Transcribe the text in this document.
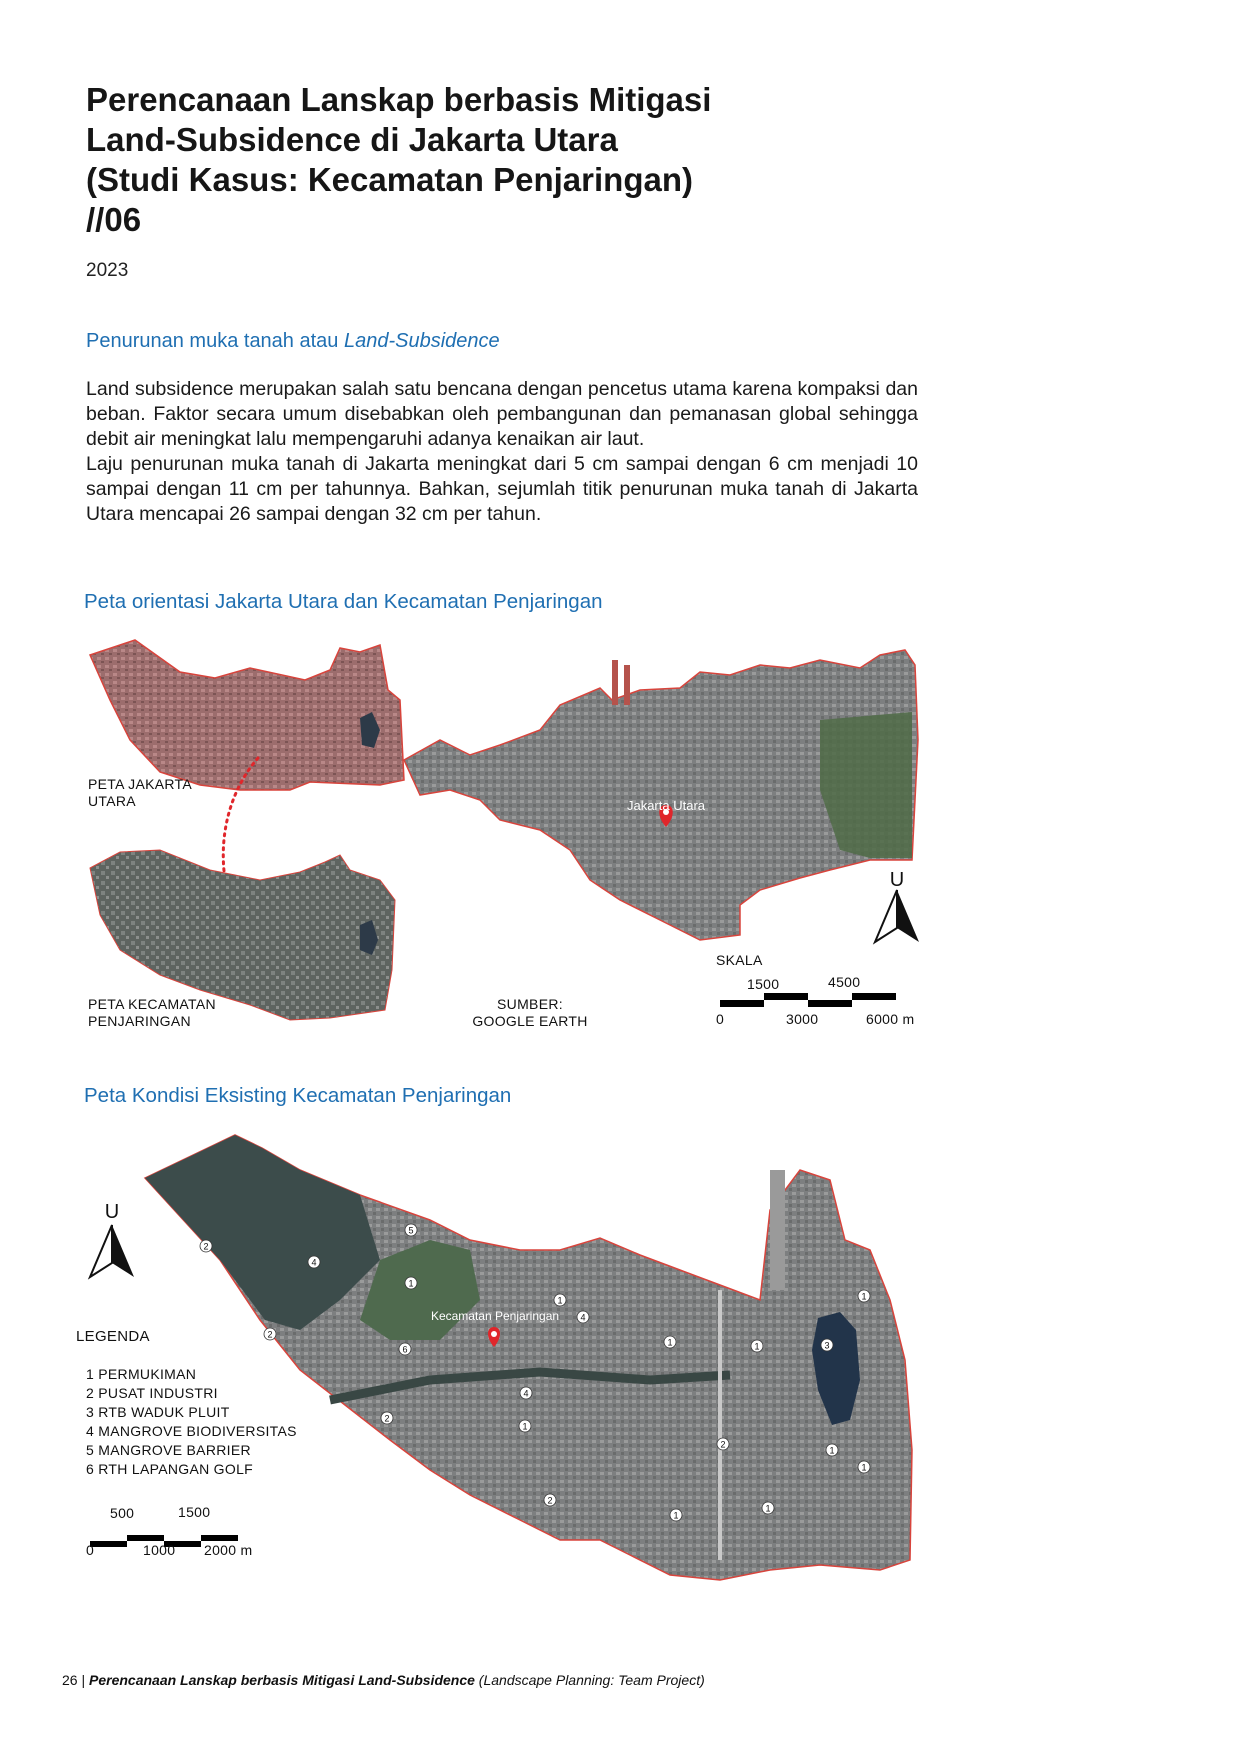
Perencanaan Lanskap berbasis Mitigasi
Land-Subsidence di Jakarta Utara
(Studi Kasus: Kecamatan Penjaringan)
//06
2023
Penurunan muka tanah atau Land-Subsidence

Land subsidence merupakan salah satu bencana dengan pencetus utama karena kompaksi dan beban. Faktor secara umum disebabkan oleh pembangunan dan pemanasan global sehingga debit air meningkat lalu mempengaruhi adanya kenaikan air laut.

Laju penurunan muka tanah di Jakarta meningkat dari 5 cm sampai dengan 6 cm menjadi 10 sampai dengan 11 cm per tahunnya. Bahkan, sejumlah titik penurunan muka tanah di Jakarta Utara mencapai 26 sampai dengan 32 cm per tahun.

Peta orientasi Jakarta Utara dan Kecamatan Penjaringan
Jakarta Utara
U
Kecamatan Penjaringan
U
2
4
5
1
2
6
4
2
4
1
1	1
1
3
1
2
2
1
1
1
1
PETA JAKARTA
UTARA
PETA KECAMATAN
PENJARINGAN
SUMBER:
GOOGLE EARTH
SKALA
1500	4500
0	3000	6000 m
Peta Kondisi Eksisting Kecamatan Penjaringan
LEGENDA
1 PERMUKIMAN
2 PUSAT INDUSTRI
3 RTB WADUK PLUIT
4 MANGROVE BIODIVERSITAS
5 MANGROVE BARRIER
6 RTH LAPANGAN GOLF
500	1500
0	1000 2000 m
26 | Perencanaan Lanskap berbasis Mitigasi Land-Subsidence (Landscape Planning: Team Project)
